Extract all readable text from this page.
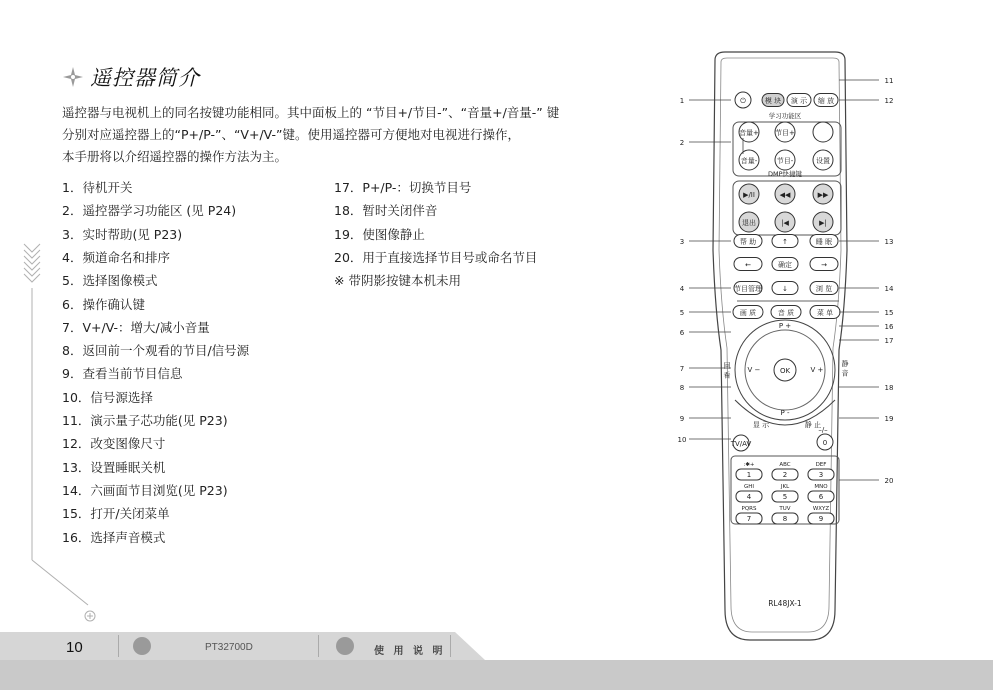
遥控器简介
遥控器与电视机上的同名按键功能相同。其中面板上的 “节目+/节目-”、“音量+/音量-” 键
分别对应遥控器上的“P+/P-”、“V+/V-”键。使用遥控器可方便地对电视进行操作，
本手册将以介绍遥控器的操作方法为主。
1．待机开关
2．遥控器学习功能区 (见 P24)
3．实时帮助(见 P23)
4．频道命名和排序
5．选择图像模式
6．操作确认键
7．V+/V-：增大/减小音量
8．返回前一个观看的节目/信号源
9．查看当前节目信息
10．信号源选择
11．演示量子芯功能(见 P23)
12．改变图像尺寸
13．设置睡眠关机
14．六画面节目浏览(见 P23)
15．打开/关闭菜单
16．选择声音模式
17．P+/P-：切换节目号
18．暂时关闭伴音
19．使图像静止
20．用于直接选择节目号或命名节目
※ 带阴影按键本机未用
⏻	模 块 演 示 缩 放
学习功能区
音量+ 节目+
音量-	节目-	设置
DMP快捷键
▶/II	◀◀	▶▶
退出	|◀	▶|
帮 助	↑	睡 眠
←	确定	→
节目管理	↓	浏 览
画 质	音 质	菜 单
OK
P +
P -
V −	V +
回 看	静 音
显 示	静 止
TV/AV
–/–
0
:✱+
1
ABC
2
DEF
3
GHI
4
JKL
5
MNO
6
PQRS
7
TUV
8
WXYZ
9
RL48JX-1
1
2
3
4
5
6
7
8
9
10
11
12
13
14
15
16
17
18
19
20
10	PT32700D	使 用 说 明
